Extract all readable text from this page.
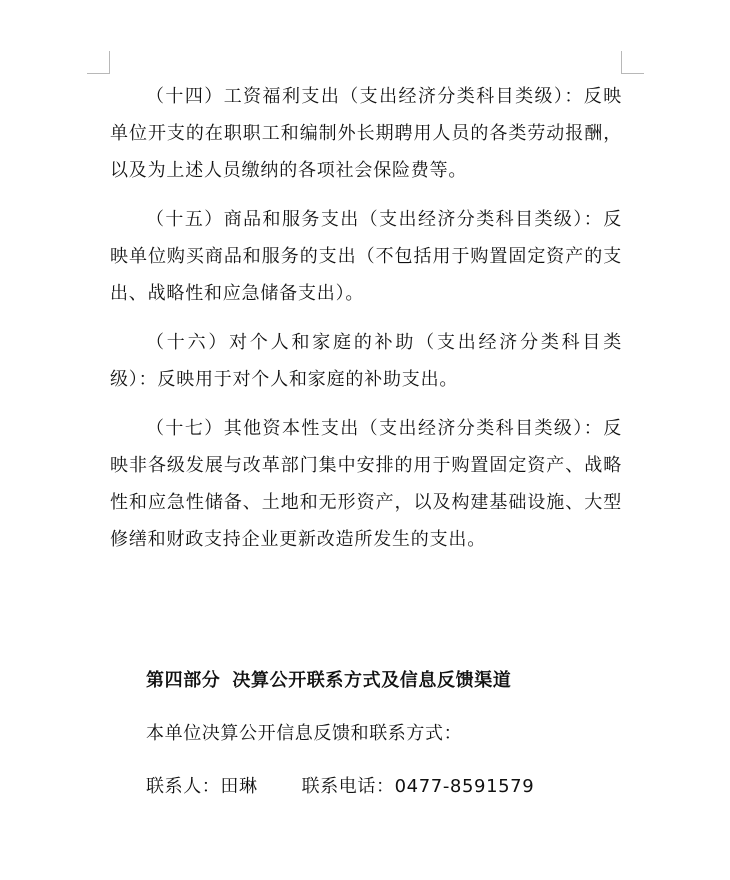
（十四）工资福利支出（支出经济分类科目类级）：反映单位开支的在职职工和编制外长期聘用人员的各类劳动报酬，以及为上述人员缴纳的各项社会保险费等。

（十五）商品和服务支出（支出经济分类科目类级）：反映单位购买商品和服务的支出（不包括用于购置固定资产的支出、战略性和应急储备支出）。

（十六）对个人和家庭的补助（支出经济分类科目类级）：反映用于对个人和家庭的补助支出。

（十七）其他资本性支出（支出经济分类科目类级）：反映非各级发展与改革部门集中安排的用于购置固定资产、战略性和应急性储备、土地和无形资产，以及构建基础设施、大型修缮和财政支持企业更新改造所发生的支出。

第四部分 决算公开联系方式及信息反馈渠道
本单位决算公开信息反馈和联系方式：
联系人：田琳 联系电话：0477-8591579
